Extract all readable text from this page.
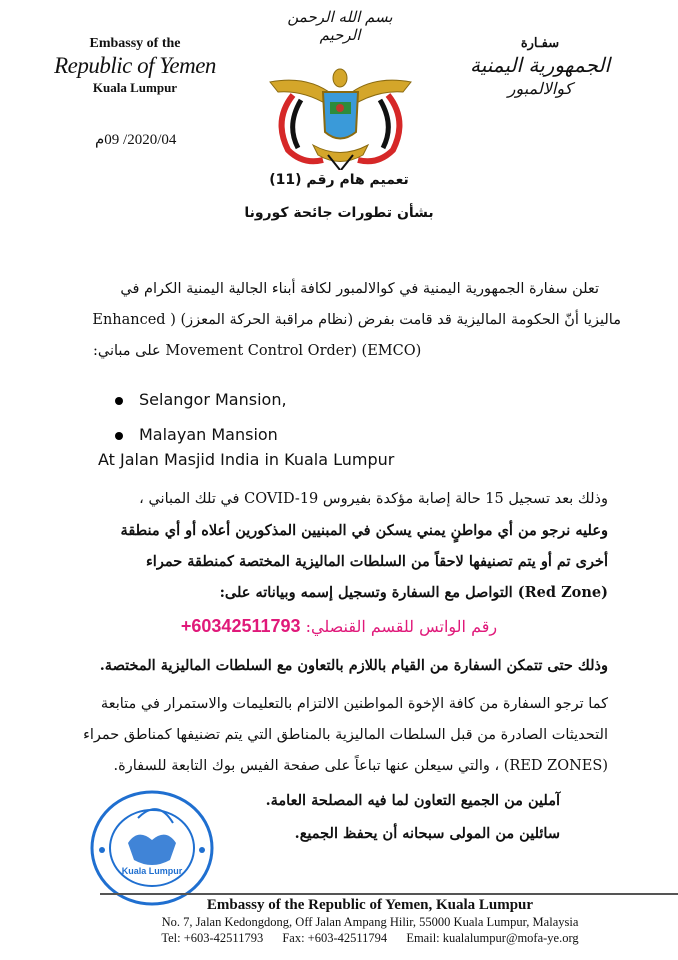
Embassy of the
Republic of Yemen
Kuala Lumpur
بسم الله الرحمن الرحيم	سفـارة
الجمهورية اليمنية
كوالالمبور
2020/04/ 09م
تعميم هام رقم (11)
بشأن تطورات جائحة كورونا
تعلن سفارة الجمهورية اليمنية في كوالالمبور لكافة أبناء الجالية اليمنية الكرام في
ماليزيا أنّ الحكومة الماليزية قد قامت بفرض (نظام مراقبة الحركة المعزز) ( Enhanced
Movement Control Order) (EMCO) على مباني:
Selangor Mansion,
Malayan Mansion
At Jalan Masjid India in Kuala Lumpur
وذلك بعد تسجيل 15 حالة إصابة مؤكدة بفيروس COVID-19 في تلك المباني ،
وعليه نرجو من أي مواطنٍ يمني يسكن في المبنيين المذكورين أعلاه أو أي منطقة
أخرى تم أو يتم تصنيفها لاحقاً من السلطات الماليزية المختصة كمنطقة حمراء
(Red Zone) التواصل مع السفارة وتسجيل إسمه وبياناته على:
رقم الواتس للقسم القنصلي: +60342511793
وذلك حتى تتمكن السفارة من القيام باللازم بالتعاون مع السلطات الماليزية المختصة.
كما ترجو السفارة من كافة الإخوة المواطنين الالتزام بالتعليمات والاستمرار في متابعة
التحديثات الصادرة من قبل السلطات الماليزية بالمناطق التي يتم تضنيفها كمناطق حمراء
(RED ZONES) ، والتي سيعلن عنها تباعاً على صفحة الفيس بوك التابعة للسفارة.
آملين من الجميع التعاون لما فيه المصلحة العامة.
سائلين من المولى سبحانه أن يحفظ الجميع.
Kuala Lumpur
Embassy of the Republic of Yemen, Kuala Lumpur
No. 7, Jalan Kedongdong, Off Jalan Ampang Hilir, 55000 Kuala Lumpur, Malaysia
Tel: +603-42511793 Fax: +603-42511794 Email: kualalumpur@mofa-ye.org
